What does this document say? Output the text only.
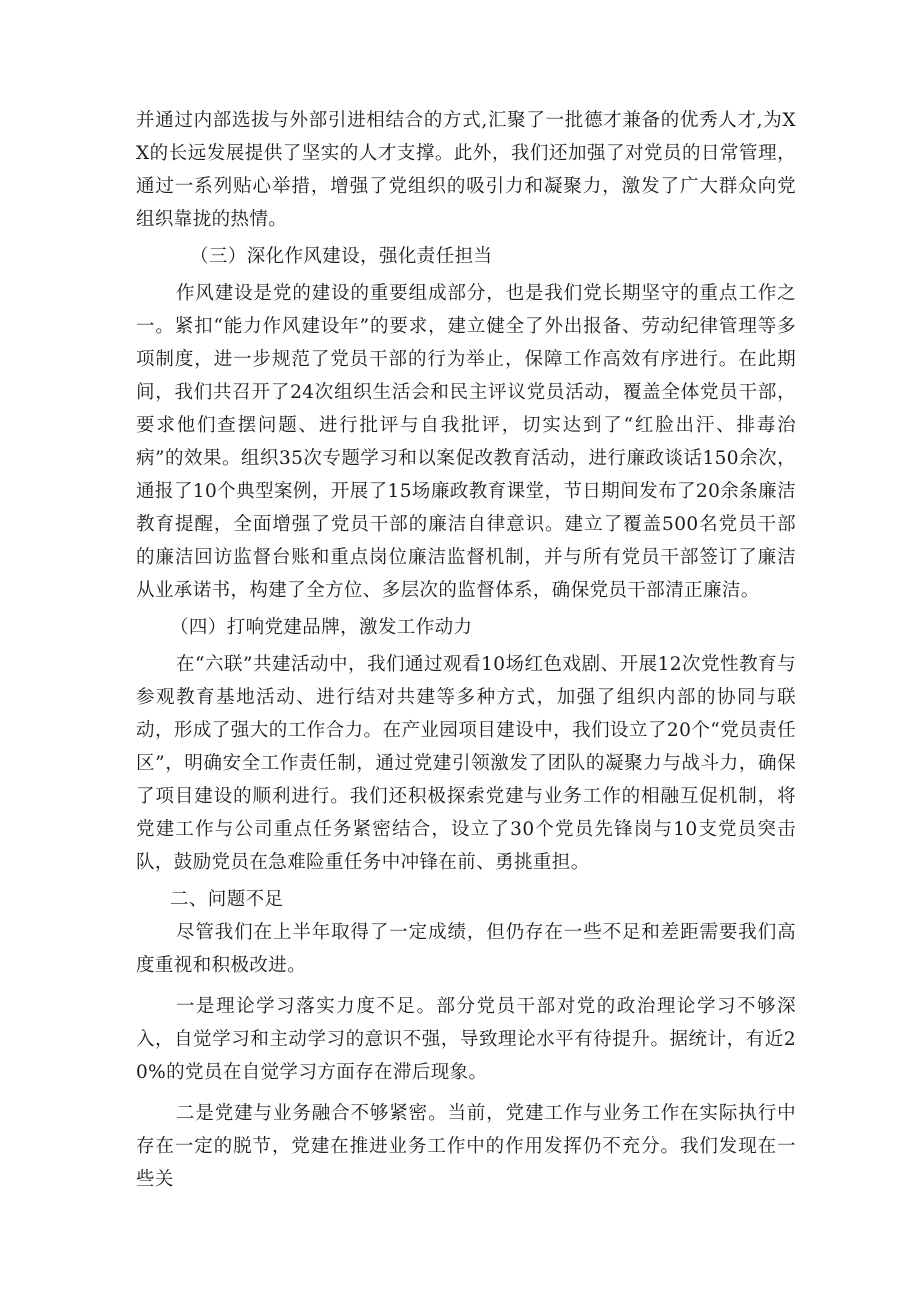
并通过内部选拔与外部引进相结合的方式,汇聚了一批德才兼备的优秀人才,为XX的长远发展提供了坚实的人才支撑。此外，我们还加强了对党员的日常管理，通过一系列贴心举措，增强了党组织的吸引力和凝聚力，激发了广大群众向党组织靠拢的热情。

（三）深化作风建设，强化责任担当

作风建设是党的建设的重要组成部分，也是我们党长期坚守的重点工作之一。紧扣“能力作风建设年”的要求，建立健全了外出报备、劳动纪律管理等多项制度，进一步规范了党员干部的行为举止，保障工作高效有序进行。在此期间，我们共召开了24次组织生活会和民主评议党员活动，覆盖全体党员干部，要求他们查摆问题、进行批评与自我批评，切实达到了“红脸出汗、排毒治病”的效果。组织35次专题学习和以案促改教育活动，进行廉政谈话150余次，通报了10个典型案例，开展了15场廉政教育课堂，节日期间发布了20余条廉洁教育提醒，全面增强了党员干部的廉洁自律意识。建立了覆盖500名党员干部的廉洁回访监督台账和重点岗位廉洁监督机制，并与所有党员干部签订了廉洁从业承诺书，构建了全方位、多层次的监督体系，确保党员干部清正廉洁。

（四）打响党建品牌，激发工作动力

在“六联”共建活动中，我们通过观看10场红色戏剧、开展12次党性教育与参观教育基地活动、进行结对共建等多种方式，加强了组织内部的协同与联动，形成了强大的工作合力。在产业园项目建设中，我们设立了20个“党员责任区”，明确安全工作责任制，通过党建引领激发了团队的凝聚力与战斗力，确保了项目建设的顺利进行。我们还积极探索党建与业务工作的相融互促机制，将党建工作与公司重点任务紧密结合，设立了30个党员先锋岗与10支党员突击队，鼓励党员在急难险重任务中冲锋在前、勇挑重担。

二、问题不足

尽管我们在上半年取得了一定成绩，但仍存在一些不足和差距需要我们高度重视和积极改进。

一是理论学习落实力度不足。部分党员干部对党的政治理论学习不够深入，自觉学习和主动学习的意识不强，导致理论水平有待提升。据统计，有近20%的党员在自觉学习方面存在滞后现象。

二是党建与业务融合不够紧密。当前，党建工作与业务工作在实际执行中存在一定的脱节，党建在推进业务工作中的作用发挥仍不充分。我们发现在一些关
